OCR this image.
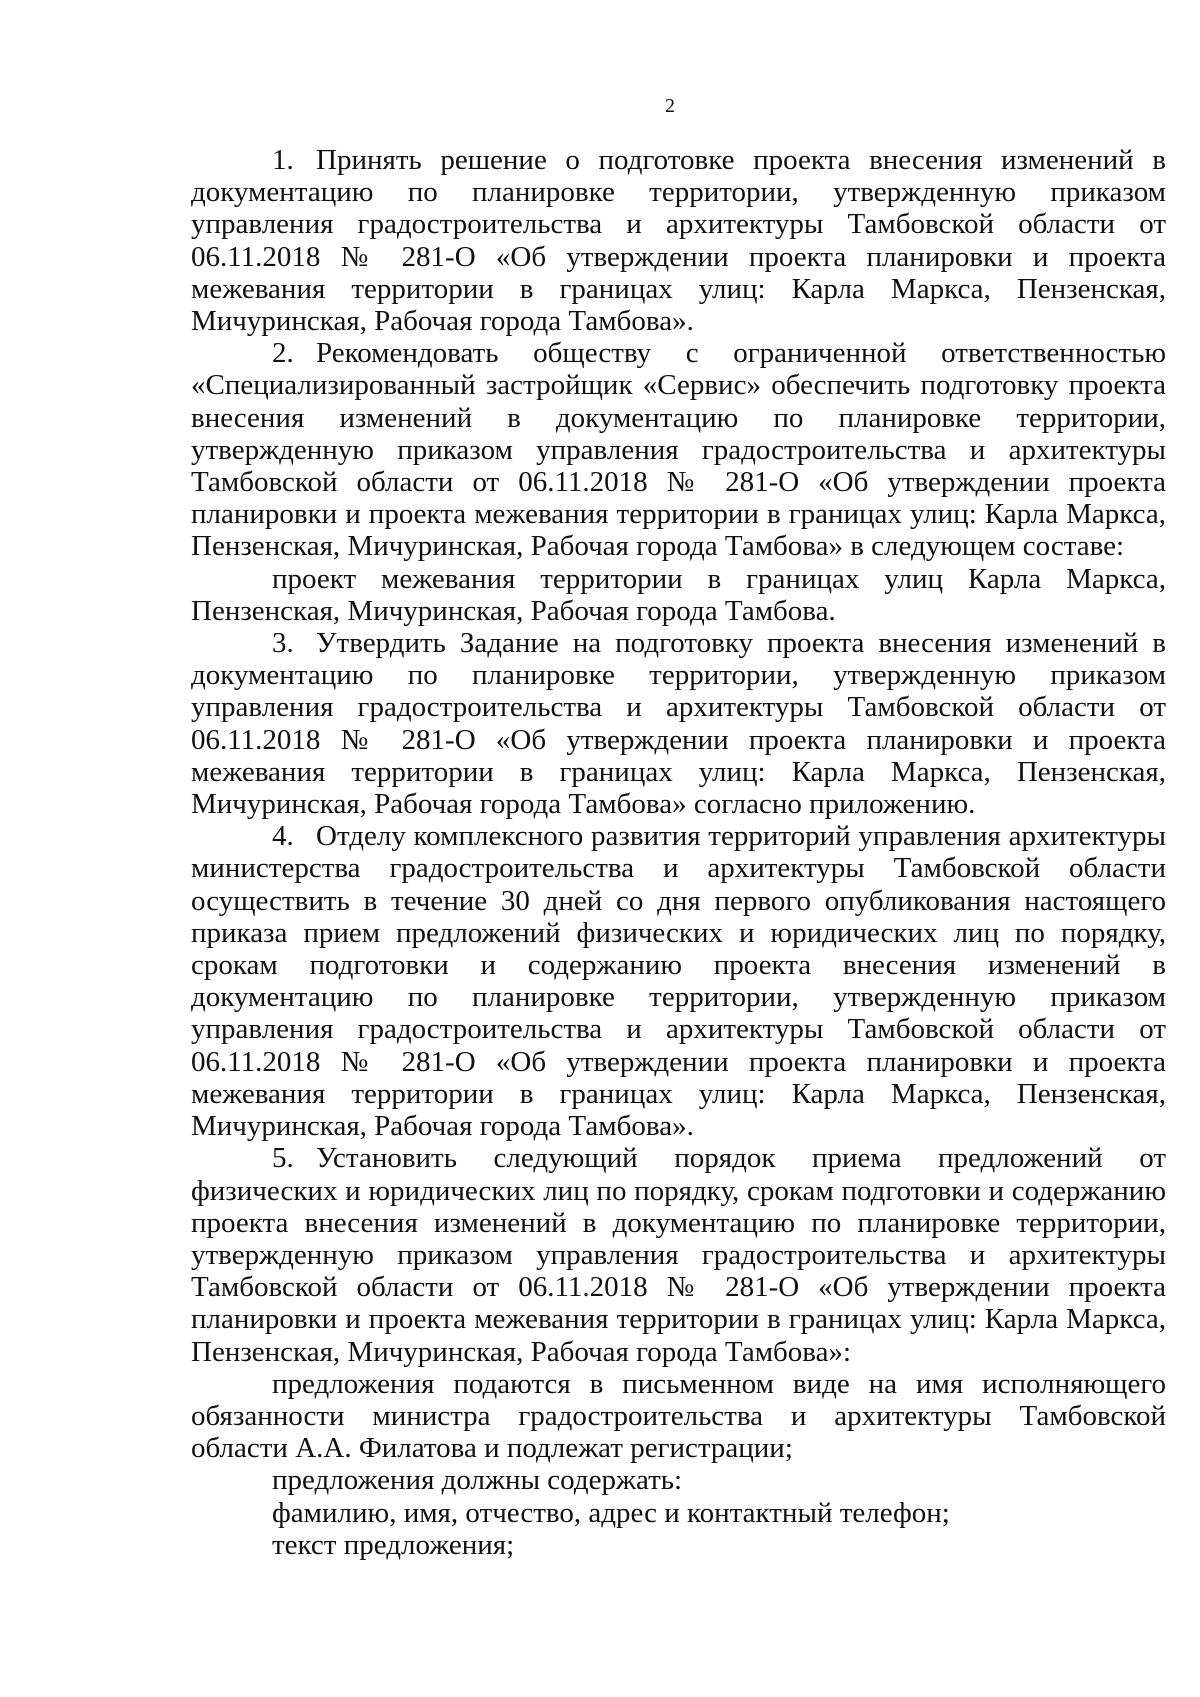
2

1. Принять решение о подготовке проекта внесения изменений в документацию по планировке территории, утвержденную приказом управления градостроительства и архитектуры Тамбовской области от 06.11.2018 № 281-О «Об утверждении проекта планировки и проекта межевания территории в границах улиц: Карла Маркса, Пензенская, Мичуринская, Рабочая города Тамбова».

2. Рекомендовать обществу с ограниченной ответственностью «Специализированный застройщик «Сервис» обеспечить подготовку проекта внесения изменений в документацию по планировке территории, утвержденную приказом управления градостроительства и архитектуры Тамбовской области от 06.11.2018 № 281-О «Об утверждении проекта планировки и проекта межевания территории в границах улиц: Карла Маркса, Пензенская, Мичуринская, Рабочая города Тамбова» в следующем составе:

проект межевания территории в границах улиц Карла Маркса, Пензенская, Мичуринская, Рабочая города Тамбова.

3. Утвердить Задание на подготовку проекта внесения изменений в документацию по планировке территории, утвержденную приказом управления градостроительства и архитектуры Тамбовской области от 06.11.2018 № 281-О «Об утверждении проекта планировки и проекта межевания территории в границах улиц: Карла Маркса, Пензенская, Мичуринская, Рабочая города Тамбова» согласно приложению.

4. Отделу комплексного развития территорий управления архитектуры министерства градостроительства и архитектуры Тамбовской области осуществить в течение 30 дней со дня первого опубликования настоящего приказа прием предложений физических и юридических лиц по порядку, срокам подготовки и содержанию проекта внесения изменений в документацию по планировке территории, утвержденную приказом управления градостроительства и архитектуры Тамбовской области от 06.11.2018 № 281-О «Об утверждении проекта планировки и проекта межевания территории в границах улиц: Карла Маркса, Пензенская, Мичуринская, Рабочая города Тамбова».

5. Установить следующий порядок приема предложений от физических и юридических лиц по порядку, срокам подготовки и содержанию проекта внесения изменений в документацию по планировке территории, утвержденную приказом управления градостроительства и архитектуры Тамбовской области от 06.11.2018 № 281-О «Об утверждении проекта планировки и проекта межевания территории в границах улиц: Карла Маркса, Пензенская, Мичуринская, Рабочая города Тамбова»:

предложения подаются в письменном виде на имя исполняющего обязанности министра градостроительства и архитектуры Тамбовской области А.А. Филатова и подлежат регистрации;

предложения должны содержать:

фамилию, имя, отчество, адрес и контактный телефон;

текст предложения;
